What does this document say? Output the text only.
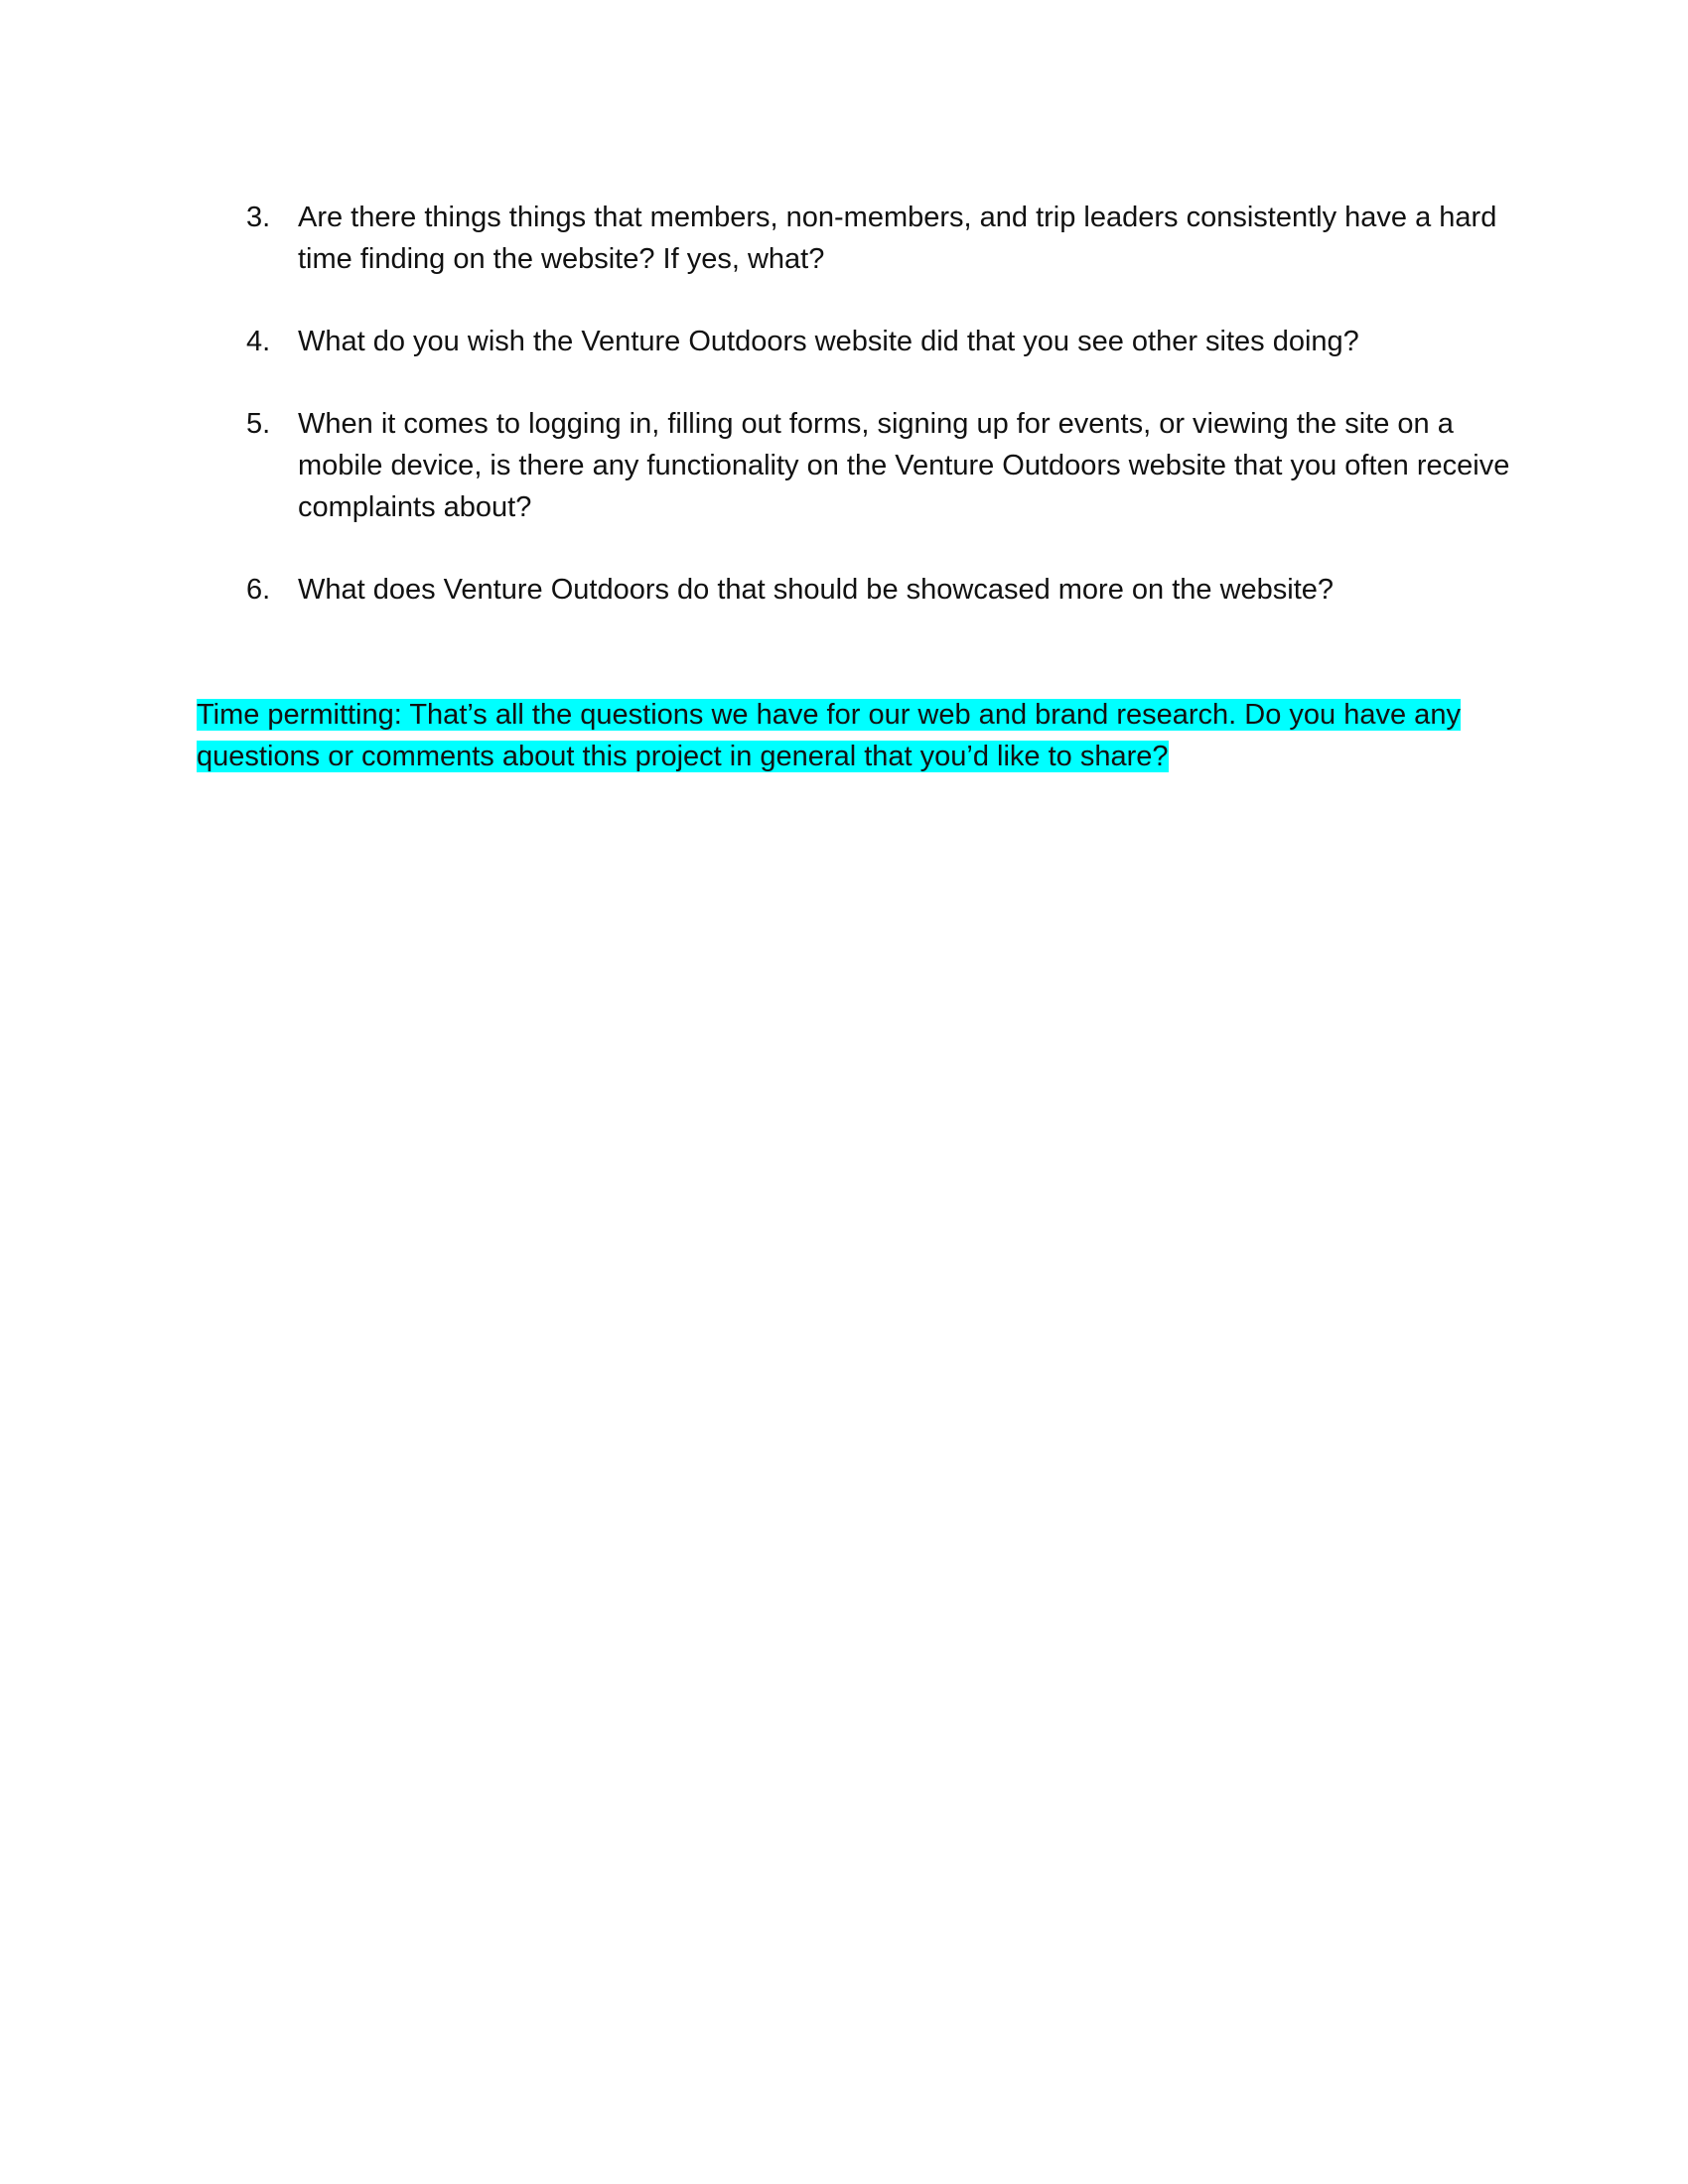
3. Are there things things that members, non-members, and trip leaders consistently have a hard time finding on the website? If yes, what?
4. What do you wish the Venture Outdoors website did that you see other sites doing?
5. When it comes to logging in, filling out forms, signing up for events, or viewing the site on a mobile device, is there any functionality on the Venture Outdoors website that you often receive complaints about?
6. What does Venture Outdoors do that should be showcased more on the website?

Time permitting: That’s all the questions we have for our web and brand research. Do you have any questions or comments about this project in general that you’d like to share?
